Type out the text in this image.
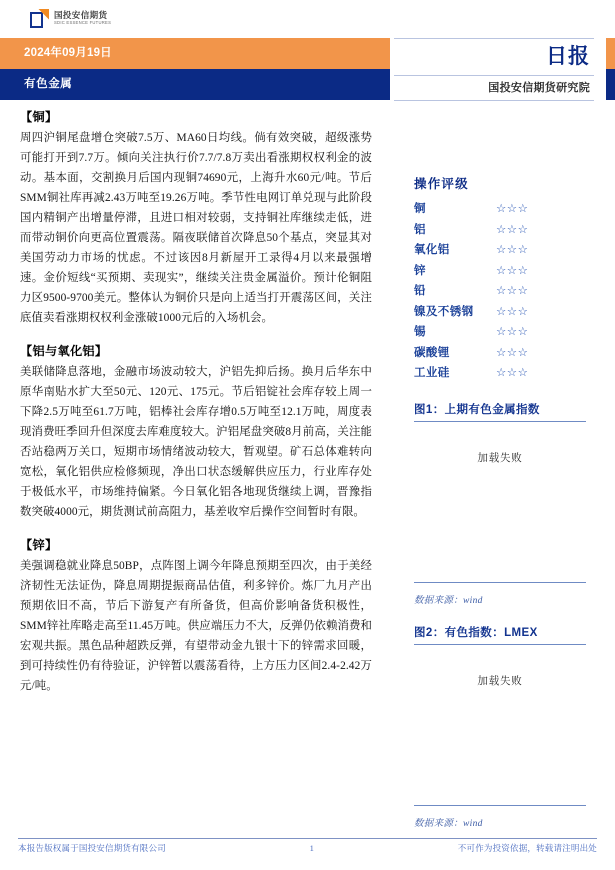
国投安信期货
SDIC ESSENCE FUTURES
2024年09月19日
有色金属
日报
国投安信期货研究院
【铜】
周四沪铜尾盘增仓突破7.5万、MA60日均线。倘有效突破，超级涨势可能打开到7.7万。倾向关注执行价7.7/7.8万卖出看涨期权权利金的波动。基本面，交割换月后国内现铜74690元，上海升水60元/吨。节后SMM铜社库再减2.43万吨至19.26万吨。季节性电网订单兑现与此阶段国内精铜产出增量停滞，且进口相对较弱，支持铜社库继续走低，进而带动铜价向更高位置震荡。隔夜联储首次降息50个基点，突显其对美国劳动力市场的忧虑。不过该因8月新屋开工录得4月以来最强增速。金价短线“买预期、卖现实”，继续关注贵金属溢价。预计伦铜阻力区9500-9700美元。整体认为铜价只是向上适当打开震荡区间，关注底值卖看涨期权权利金涨破1000元后的入场机会。
【铝与氧化铝】
美联储降息落地，金融市场波动较大，沪铝先抑后扬。换月后华东中原华南贴水扩大至50元、120元、175元。节后铝锭社会库存较上周一下降2.5万吨至61.7万吨，铝棒社会库存增0.5万吨至12.1万吨，周度表现消费旺季回升但深度去库难度较大。沪铝尾盘突破8月前高，关注能否站稳两万关口，短期市场情绪波动较大，暂观望。矿石总体难转向宽松，氧化铝供应检修频现，净出口状态缓解供应压力，行业库存处于极低水平，市场维持偏紧。今日氧化铝各地现货继续上调，晋豫指数突破4000元，期货测试前高阻力，基差收窄后操作空间暂时有限。
【锌】
美强调稳就业降息50BP，点阵图上调今年降息预期至四次，由于美经济韧性无法证伪，降息周期提振商品估值，利多锌价。炼厂九月产出预期依旧不高，节后下游复产有所备货，但高价影响备货积极性，SMM锌社库略走高至11.45万吨。供应端压力不大，反弹仍依赖消费和宏观共振。黑色品种超跌反弹，有望带动金九银十下的锌需求回暖，到可持续性仍有待验证，沪锌暂以震荡看待，上方压力区间2.4-2.42万元/吨。
操作评级
铜	☆☆☆
铝	☆☆☆
氧化铝	☆☆☆
锌	☆☆☆
铅	☆☆☆
镍及不锈钢	☆☆☆
锡	☆☆☆
碳酸锂	☆☆☆
工业硅	☆☆☆
图1：上期有色金属指数
加载失败
数据来源：wind
图2：有色指数：LMEX
加载失败
数据来源：wind
本报告版权属于国投安信期货有限公司	1	不可作为投资依据，转载请注明出处
